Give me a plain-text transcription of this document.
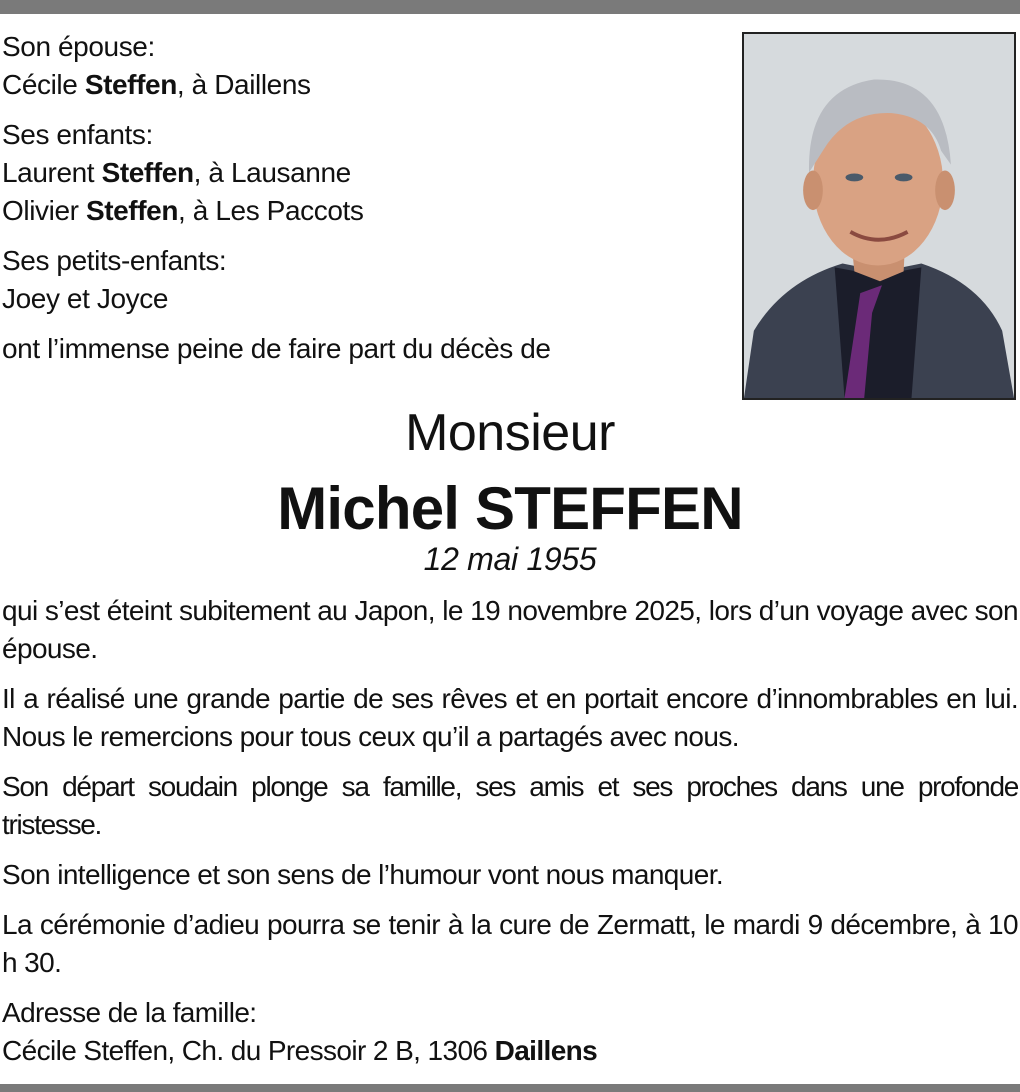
Son épouse:
Cécile Steffen, à Daillens
Ses enfants:
Laurent Steffen, à Lausanne
Olivier Steffen, à Les Paccots
Ses petits-enfants:
Joey et Joyce
ont l’immense peine de faire part du décès de
Monsieur
Michel STEFFEN
12 mai 1955

qui s’est éteint subitement au Japon, le 19 novembre 2025, lors d’un voyage avec son épouse.

Il a réalisé une grande partie de ses rêves et en portait encore d’innombrables en lui. Nous le remercions pour tous ceux qu’il a partagés avec nous.

Son départ soudain plonge sa famille, ses amis et ses proches dans une profonde tristesse.

Son intelligence et son sens de l’humour vont nous manquer.

La cérémonie d’adieu pourra se tenir à la cure de Zermatt, le mardi 9 décembre, à 10 h 30.

Adresse de la famille:
Cécile Steffen, Ch. du Pressoir 2 B, 1306 Daillens
